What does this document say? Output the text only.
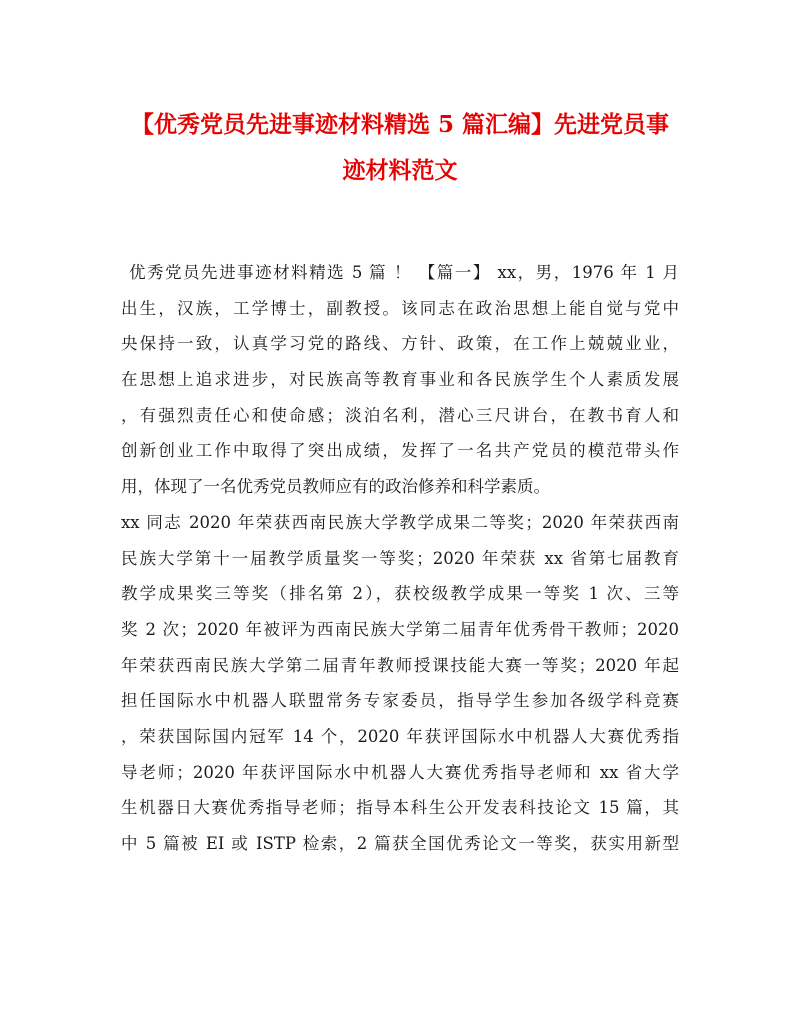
【优秀党员先进事迹材料精选 5 篇汇编】先进党员事
迹材料范文
优秀党员先进事迹材料精选 5 篇 ！ 【篇一】 xx，男，1976 年 1 月
出生，汉族，工学博士，副教授。该同志在政治思想上能自觉与党中
央保持一致，认真学习党的路线、方针、政策，在工作上兢兢业业，
在思想上追求进步，对民族高等教育事业和各民族学生个人素质发展
，有强烈责任心和使命感；淡泊名利，潜心三尺讲台，在教书育人和
创新创业工作中取得了突出成绩，发挥了一名共产党员的模范带头作
用，体现了一名优秀党员教师应有的政治修养和科学素质。
xx 同志 2020 年荣获西南民族大学教学成果二等奖；2020 年荣获西南
民族大学第十一届教学质量奖一等奖；2020 年荣获 xx 省第七届教育
教学成果奖三等奖（排名第 2），获校级教学成果一等奖 1 次、三等
奖 2 次；2020 年被评为西南民族大学第二届青年优秀骨干教师；2020
年荣获西南民族大学第二届青年教师授课技能大赛一等奖；2020 年起
担任国际水中机器人联盟常务专家委员，指导学生参加各级学科竞赛
，荣获国际国内冠军 14 个，2020 年获评国际水中机器人大赛优秀指
导老师；2020 年获评国际水中机器人大赛优秀指导老师和 xx 省大学
生机器日大赛优秀指导老师；指导本科生公开发表科技论文 15 篇，其
中 5 篇被 EI 或 ISTP 检索，2 篇获全国优秀论文一等奖，获实用新型
